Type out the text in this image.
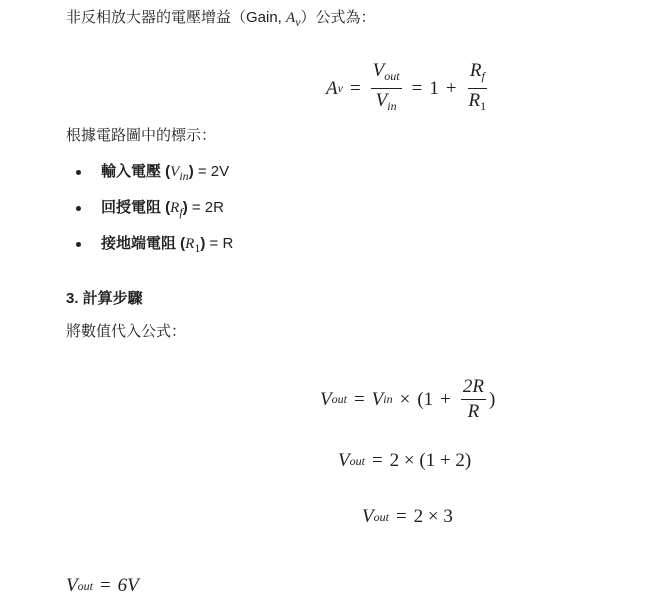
非反相放大器的電壓增益（Gain, $A_v$）公式為：
A $v = \frac{V_{out}}{V_{in}} = 1 + \frac{R_f}{R_1}$
根據電路圖中的標示：
輸入電壓 $(V_{in}) = 2V$
回授電阻 $(R_f) = 2R$
接地端電阻 $(R_1) = R$
3. 計算步驟
將數值代入公式：
V out = V in × ($1 + \frac{2R}{R}$ )
V out = 2 × (1 + 2)
V out = 2 × 3
V out = 6V
